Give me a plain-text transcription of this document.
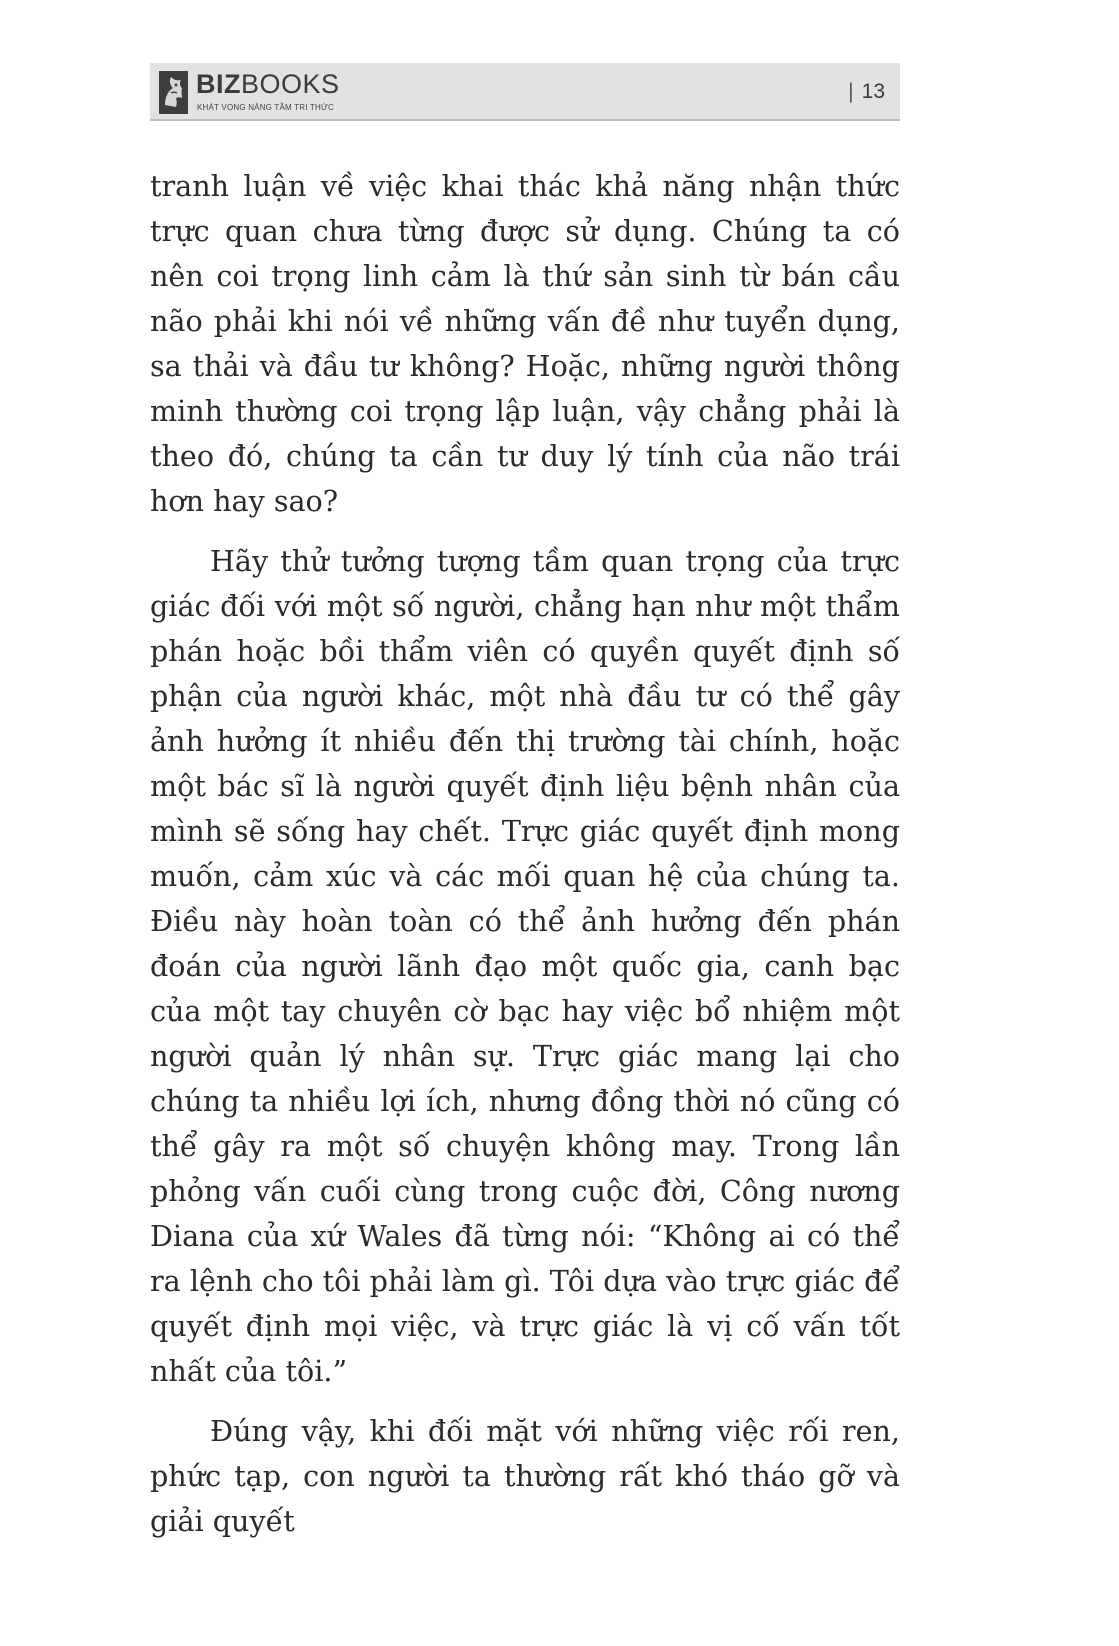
BIZBOOKS
KHÁT VỌNG NÂNG TẦM TRI THỨC
| 13

tranh luận về việc khai thác khả năng nhận thức trực quan chưa từng được sử dụng. Chúng ta có nên coi trọng linh cảm là thứ sản sinh từ bán cầu não phải khi nói về những vấn đề như tuyển dụng, sa thải và đầu tư không? Hoặc, những người thông minh thường coi trọng lập luận, vậy chẳng phải là theo đó, chúng ta cần tư duy lý tính của não trái hơn hay sao?

Hãy thử tưởng tượng tầm quan trọng của trực giác đối với một số người, chẳng hạn như một thẩm phán hoặc bồi thẩm viên có quyền quyết định số phận của người khác, một nhà đầu tư có thể gây ảnh hưởng ít nhiều đến thị trường tài chính, hoặc một bác sĩ là người quyết định liệu bệnh nhân của mình sẽ sống hay chết. Trực giác quyết định mong muốn, cảm xúc và các mối quan hệ của chúng ta. Điều này hoàn toàn có thể ảnh hưởng đến phán đoán của người lãnh đạo một quốc gia, canh bạc của một tay chuyên cờ bạc hay việc bổ nhiệm một người quản lý nhân sự. Trực giác mang lại cho chúng ta nhiều lợi ích, nhưng đồng thời nó cũng có thể gây ra một số chuyện không may. Trong lần phỏng vấn cuối cùng trong cuộc đời, Công nương Diana của xứ Wales đã từng nói: “Không ai có thể ra lệnh cho tôi phải làm gì. Tôi dựa vào trực giác để quyết định mọi việc, và trực giác là vị cố vấn tốt nhất của tôi.”

Đúng vậy, khi đối mặt với những việc rối ren, phức tạp, con người ta thường rất khó tháo gỡ và giải quyết
